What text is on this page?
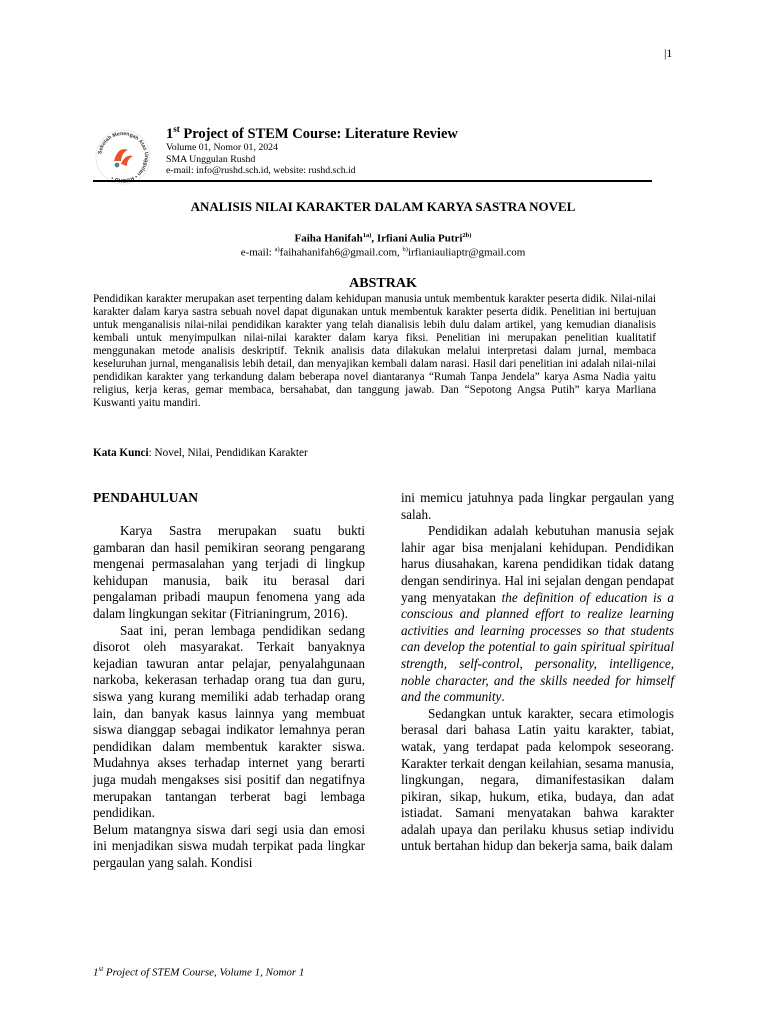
|1
Sekolah Menengah Atas Unggulan • RUSHD •
1st Project of STEM Course: Literature Review
Volume 01, Nomor 01, 2024
SMA Unggulan Rushd
e-mail: info@rushd.sch.id, website: rushd.sch.id
ANALISIS NILAI KARAKTER DALAM KARYA SASTRA NOVEL
Faiha Hanifah$^{1a)}$, Irfiani Aulia Putri$^{2b)}$
e-mail: $^{a)}$faihahanifah6@gmail.com, $^{b)}$irfianiauliaptr@gmail.com
ABSTRAK
Pendidikan karakter merupakan aset terpenting dalam kehidupan manusia untuk membentuk karakter peserta didik. Nilai-nilai karakter dalam karya sastra sebuah novel dapat digunakan untuk membentuk karakter peserta didik. Penelitian ini bertujuan untuk menganalisis nilai-nilai pendidikan karakter yang telah dianalisis lebih dulu dalam artikel, yang kemudian dianalisis kembali untuk menyimpulkan nilai-nilai karakter dalam karya fiksi. Penelitian ini merupakan penelitian kualitatif menggunakan metode analisis deskriptif. Teknik analisis data dilakukan melalui interpretasi dalam jurnal, membaca keseluruhan jurnal, menganalisis lebih detail, dan menyajikan kembali dalam narasi. Hasil dari penelitian ini adalah nilai-nilai pendidikan karakter yang terkandung dalam beberapa novel diantaranya “Rumah Tanpa Jendela” karya Asma Nadia yaitu religius, kerja keras, gemar membaca, bersahabat, dan tanggung jawab. Dan “Sepotong Angsa Putih” karya Marliana Kuswanti yaitu mandiri.
Kata Kunci: Novel, Nilai, Pendidikan Karakter
PENDAHULUAN

Karya Sastra merupakan suatu bukti gambaran dan hasil pemikiran seorang pengarang mengenai permasalahan yang terjadi di lingkup kehidupan manusia, baik itu berasal dari pengalaman pribadi maupun fenomena yang ada dalam lingkungan sekitar (Fitrianingrum, 2016).

Saat ini, peran lembaga pendidikan sedang disorot oleh masyarakat. Terkait banyaknya kejadian tawuran antar pelajar, penyalahgunaan narkoba, kekerasan terhadap orang tua dan guru, siswa yang kurang memiliki adab terhadap orang lain, dan banyak kasus lainnya yang membuat siswa dianggap sebagai indikator lemahnya peran pendidikan dalam membentuk karakter siswa. Mudahnya akses terhadap internet yang berarti juga mudah mengakses sisi positif dan negatifnya merupakan tantangan terberat bagi lembaga pendidikan.

Belum matangnya siswa dari segi usia dan emosi ini menjadikan siswa mudah terpikat pada lingkar pergaulan yang salah. Kondisi

ini memicu jatuhnya pada lingkar pergaulan yang salah.

Pendidikan adalah kebutuhan manusia sejak lahir agar bisa menjalani kehidupan. Pendidikan harus diusahakan, karena pendidikan tidak datang dengan sendirinya. Hal ini sejalan dengan pendapat yang menyatakan the definition of education is a conscious and planned effort to realize learning activities and learning processes so that students can develop the potential to gain spiritual spiritual strength, self-control, personality, intelligence, noble character, and the skills needed for himself and the community.

Sedangkan untuk karakter, secara etimologis berasal dari bahasa Latin yaitu karakter, tabiat, watak, yang terdapat pada kelompok seseorang. Karakter terkait dengan keilahian, sesama manusia, lingkungan, negara, dimanifestasikan dalam pikiran, sikap, hukum, etika, budaya, dan adat istiadat. Samani menyatakan bahwa karakter adalah upaya dan perilaku khusus setiap individu untuk bertahan hidup dan bekerja sama, baik dalam

1st Project of STEM Course, Volume 1, Nomor 1
